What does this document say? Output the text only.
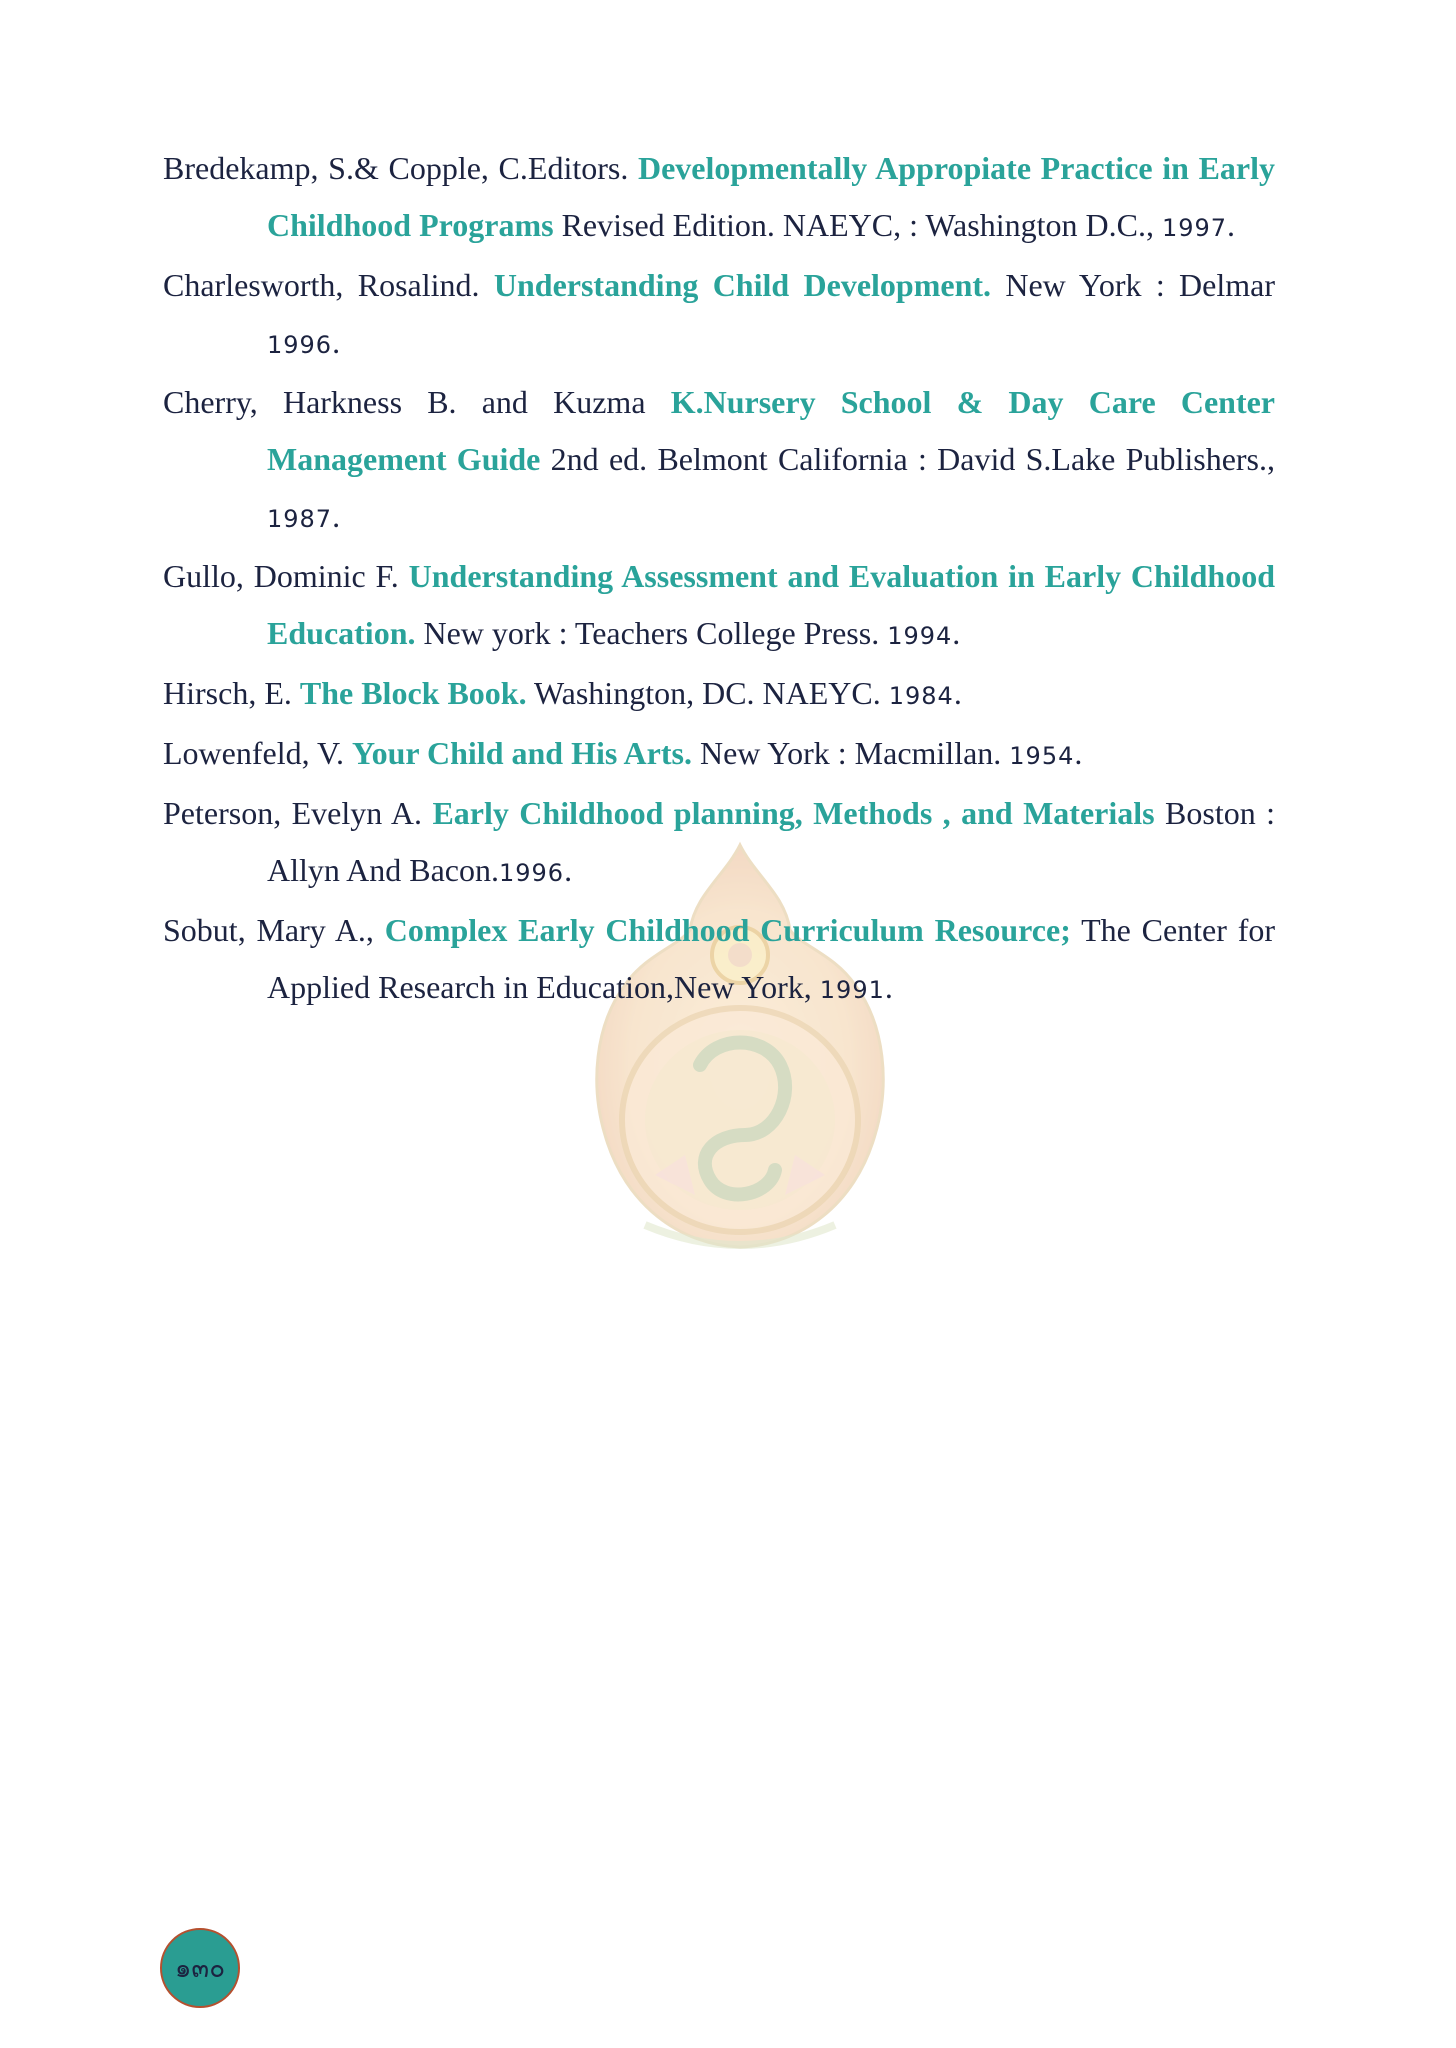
Bredekamp, S.& Copple, C.Editors. Developmentally Appropiate Practice in Early Childhood Programs Revised Edition. NAEYC, : Washington D.C., 1997.

Charlesworth, Rosalind. Understanding Child Development. New York : Delmar 1996.

Cherry, Harkness B. and Kuzma K.Nursery School & Day Care Center Management Guide 2nd ed. Belmont California : David S.Lake Publishers., 1987.

Gullo, Dominic F. Understanding Assessment and Evaluation in Early Childhood Education. New york : Teachers College Press. 1994.

Hirsch, E. The Block Book. Washington, DC. NAEYC. 1984.

Lowenfeld, V. Your Child and His Arts. New York : Macmillan. 1954.

Peterson, Evelyn A. Early Childhood planning, Methods , and Materials Boston : Allyn And Bacon.1996.

Sobut, Mary A., Complex Early Childhood Curriculum Resource; The Center for Applied Research in Education,New York, 1991.

๑๓๐
